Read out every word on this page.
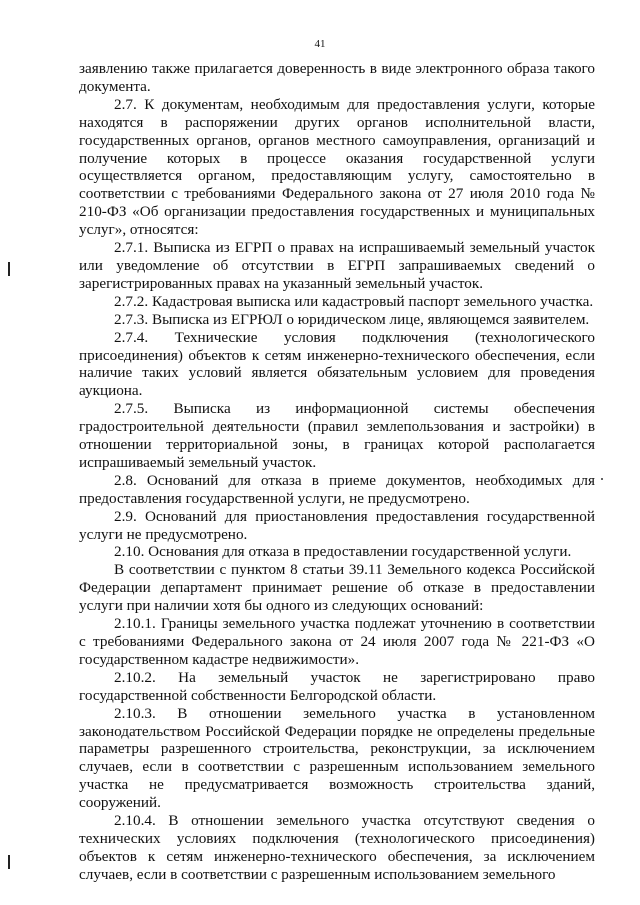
41

заявлению также прилагается доверенность в виде электронного образа такого документа.

2.7. К документам, необходимым для предоставления услуги, которые находятся в распоряжении других органов исполнительной власти, государственных органов, органов местного самоуправления, организаций и получение которых в процессе оказания государственной услуги осуществляется органом, предоставляющим услугу, самостоятельно в соответствии с требованиями Федерального закона от 27 июля 2010 года № 210-ФЗ «Об организации предоставления государственных и муниципальных услуг», относятся:

2.7.1. Выписка из ЕГРП о правах на испрашиваемый земельный участок или уведомление об отсутствии в ЕГРП запрашиваемых сведений о зарегистрированных правах на указанный земельный участок.

2.7.2. Кадастровая выписка или кадастровый паспорт земельного участка.

2.7.3. Выписка из ЕГРЮЛ о юридическом лице, являющемся заявителем.

2.7.4. Технические условия подключения (технологического присоединения) объектов к сетям инженерно-технического обеспечения, если наличие таких условий является обязательным условием для проведения аукциона.

2.7.5. Выписка из информационной системы обеспечения градостроительной деятельности (правил землепользования и застройки) в отношении территориальной зоны, в границах которой располагается испрашиваемый земельный участок.

2.8. Оснований для отказа в приеме документов, необходимых для предоставления государственной услуги, не предусмотрено.

2.9. Оснований для приостановления предоставления государственной услуги не предусмотрено.

2.10. Основания для отказа в предоставлении государственной услуги.

В соответствии с пунктом 8 статьи 39.11 Земельного кодекса Российской Федерации департамент принимает решение об отказе в предоставлении услуги при наличии хотя бы одного из следующих оснований:

2.10.1. Границы земельного участка подлежат уточнению в соответствии с требованиями Федерального закона от 24 июля 2007 года № 221-ФЗ «О государственном кадастре недвижимости».

2.10.2. На земельный участок не зарегистрировано право государственной собственности Белгородской области.

2.10.3. В отношении земельного участка в установленном законодательством Российской Федерации порядке не определены предельные параметры разрешенного строительства, реконструкции, за исключением случаев, если в соответствии с разрешенным использованием земельного участка не предусматривается возможность строительства зданий, сооружений.

2.10.4. В отношении земельного участка отсутствуют сведения о технических условиях подключения (технологического присоединения) объектов к сетям инженерно-технического обеспечения, за исключением случаев, если в соответствии с разрешенным использованием земельного
